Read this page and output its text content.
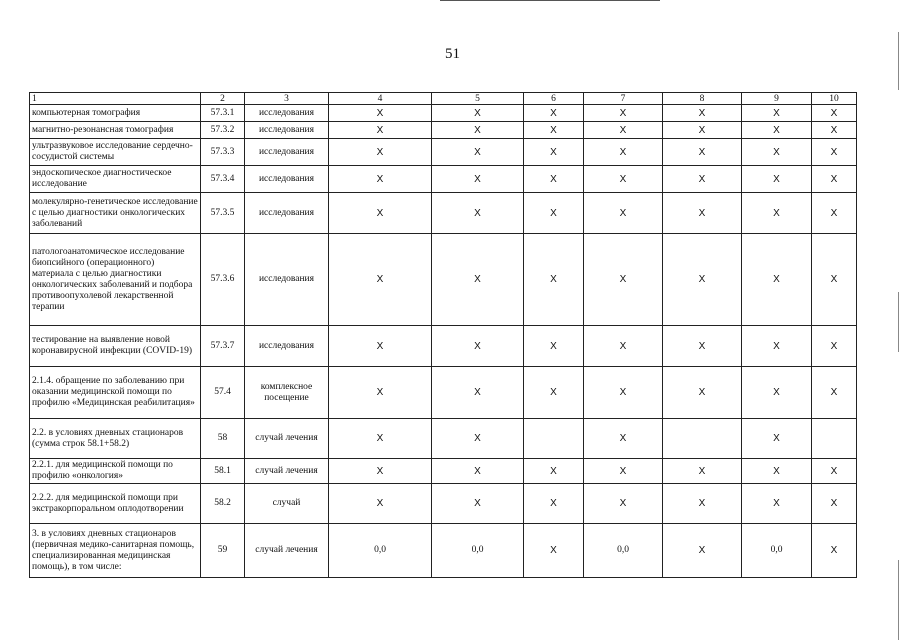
51
1	2	3	4	5	6	7	8	9	10
компьютерная томография	57.3.1	исследования	X	X	X	X	X	X	X
магнитно-резонансная томография	57.3.2	исследования	X	X	X	X	X	X	X
ультразвуковое исследование сердечно-сосудистой системы	57.3.3	исследования	X	X	X	X	X	X	X
эндоскопическое диагностическое исследование	57.3.4	исследования	X	X	X	X	X	X	X
молекулярно-генетическое исследование с целью диагностики онкологических заболеваний	57.3.5	исследования	X	X	X	X	X	X	X
патологоанатомическое исследование биопсийного (операционного) материала с целью диагностики онкологических заболеваний и подбора противоопухолевой лекарственной терапии	57.3.6	исследования	X	X	X	X	X	X	X
тестирование на выявление новой коронавирусной инфекции (COVID-19)	57.3.7	исследования	X	X	X	X	X	X	X
2.1.4. обращение по заболеванию при оказании медицинской помощи по профилю «Медицинская реабилитация»	57.4	комплексное посещение	X	X	X	X	X	X	X
2.2. в условиях дневных стационаров (сумма строк 58.1+58.2)	58	случай лечения	X	X		X		X	
2.2.1. для медицинской помощи по профилю «онкология»	58.1	случай лечения	X	X	X	X	X	X	X
2.2.2. для медицинской помощи при экстракорпоральном оплодотворении	58.2	случай	X	X	X	X	X	X	X
3. в условиях дневных стационаров (первичная медико-санитарная помощь, специализированная медицинская помощь), в том числе:	59	случай лечения	0,0	0,0	X	0,0	X	0,0	X
